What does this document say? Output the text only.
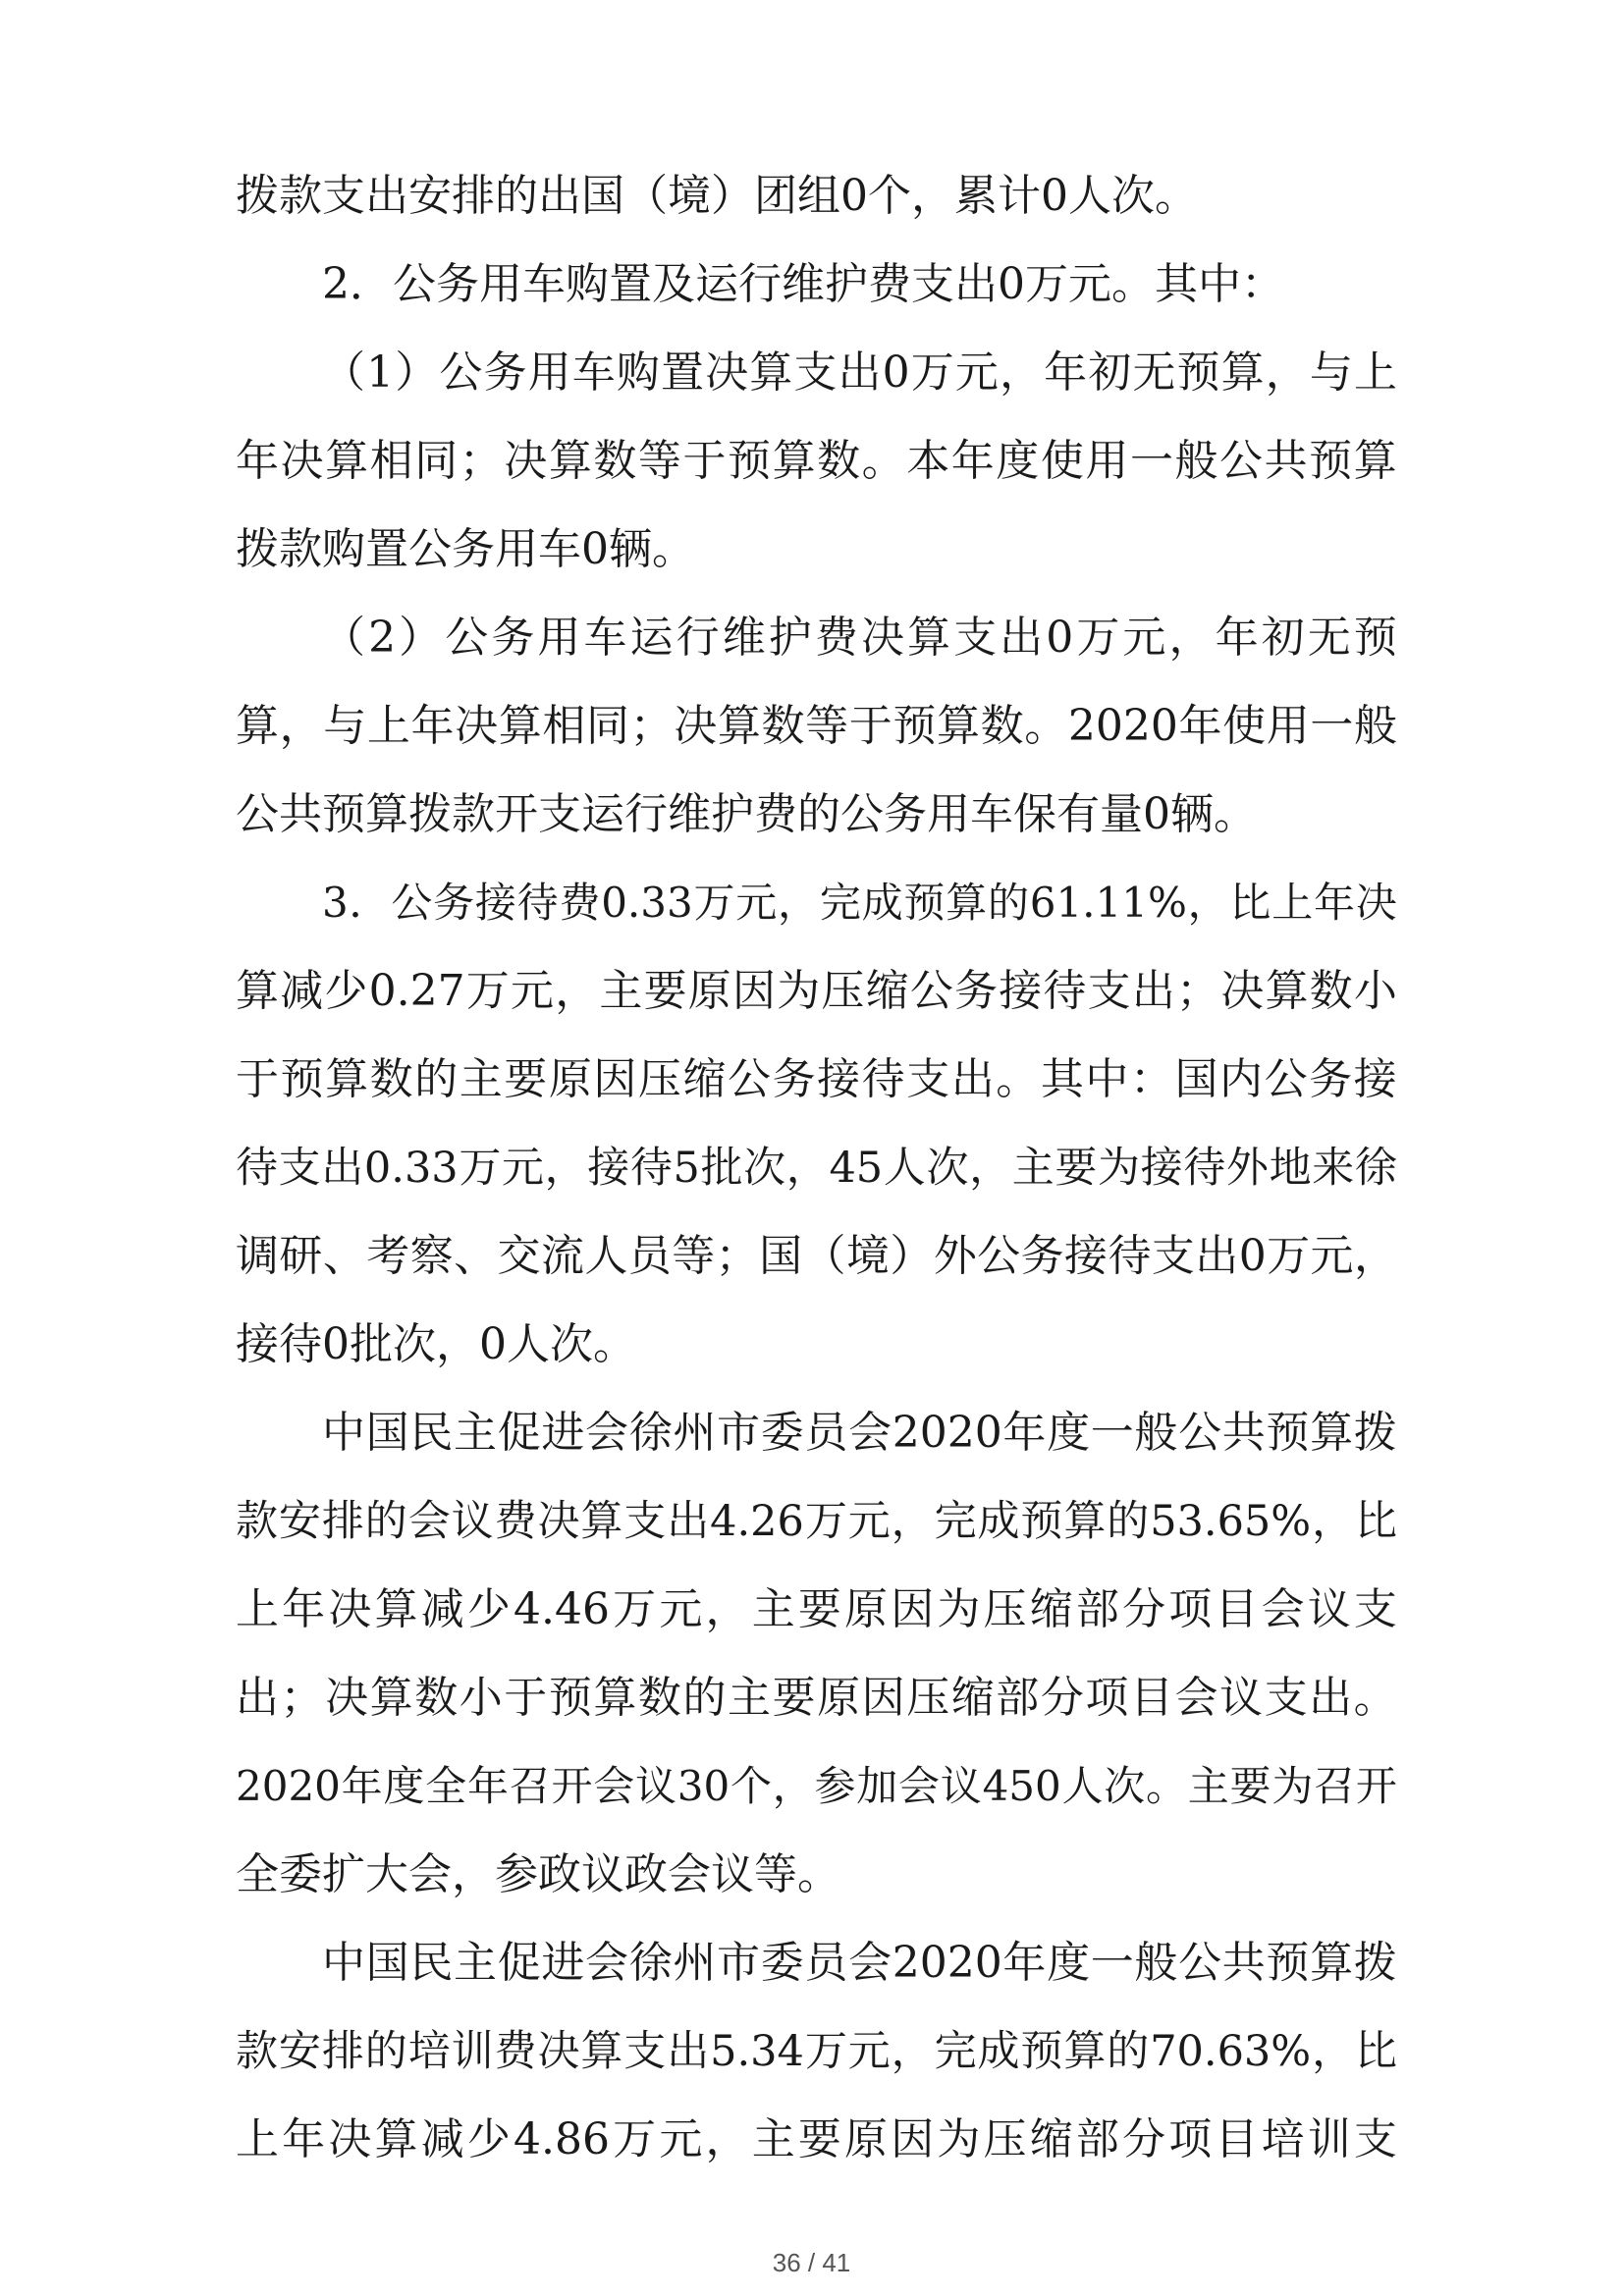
拨款支出安排的出国（境）团组0个，累计0人次。
2．公务用车购置及运行维护费支出0万元。其中：
（ 1 ） 公 务 用 车 购 置 决 算 支 出 0 万 元 ， 年 初 无 预 算 ， 与 上
年 决 算 相 同 ； 决 算 数 等 于 预 算 数 。 本 年 度 使 用 一 般 公 共 预 算
拨款购置公务用车0辆。
（ 2 ） 公 务 用 车 运 行 维 护 费 决 算 支 出 0 万 元 ， 年 初 无 预
算 ， 与 上 年 决 算 相 同 ； 决 算 数 等 于 预 算 数 。 2020 年 使 用 一 般
公共预算拨款开支运行维护费的公务用车保有量0辆。
3 ． 公 务 接 待 费 0.33 万 元 ， 完 成 预 算 的 61.11% ， 比 上 年 决
算 减 少 0.27 万 元 ， 主 要 原 因 为 压 缩 公 务 接 待 支 出 ； 决 算 数 小
于 预 算 数 的 主 要 原 因 压 缩 公 务 接 待 支 出 。 其 中 ： 国 内 公 务 接
待 支 出 0.33 万 元 ， 接 待 5 批 次 ， 45 人 次 ， 主 要 为 接 待 外 地 来 徐
调 研 、 考 察 、 交 流 人 员 等 ； 国 （ 境 ） 外 公 务 接 待 支 出 0 万 元 ，
接待0批次，0人次。
中 国 民 主 促 进 会 徐 州 市 委 员 会 2020 年 度 一 般 公 共 预 算 拨
款 安 排 的 会 议 费 决 算 支 出 4.26 万 元 ， 完 成 预 算 的 53.65% ， 比
上 年 决 算 减 少 4.46 万 元 ， 主 要 原 因 为 压 缩 部 分 项 目 会 议 支
出 ； 决 算 数 小 于 预 算 数 的 主 要 原 因 压 缩 部 分 项 目 会 议 支 出 。
2020 年 度 全 年 召 开 会 议 30 个 ， 参 加 会 议 450 人 次 。 主 要 为 召 开
全委扩大会，参政议政会议等。
中 国 民 主 促 进 会 徐 州 市 委 员 会 2020 年 度 一 般 公 共 预 算 拨
款 安 排 的 培 训 费 决 算 支 出 5.34 万 元 ， 完 成 预 算 的 70.63% ， 比
上 年 决 算 减 少 4.86 万 元 ， 主 要 原 因 为 压 缩 部 分 项 目 培 训 支
36 / 41
